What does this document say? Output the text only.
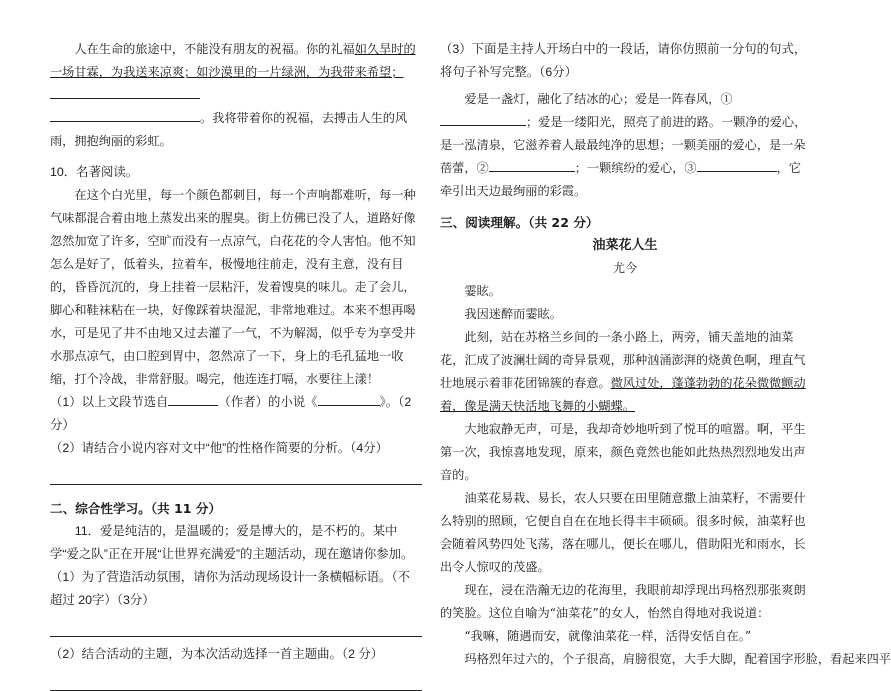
人在生命的旅途中，不能没有朋友的祝福。你的礼福如久旱时的一场甘霖，为我送来凉爽；如沙漠里的一片绿洲，为我带来希望；
。我将带着你的祝福，去搏击人生的风雨，拥抱绚丽的彩虹。

10．名著阅读。

在这个白光里，每一个颜色都刺目，每一个声响都难听，每一种气味都混合着由地上蒸发出来的腥臭。街上仿佛已没了人，道路好像忽然加宽了许多，空旷而没有一点凉气，白花花的令人害怕。他不知怎么是好了，低着头，拉着车，极慢地往前走，没有主意，没有目的，昏昏沉沉的，身上挂着一层粘汗，发着馊臭的味儿。走了会儿，脚心和鞋袜粘在一块，好像踩着块湿泥，非常地难过。本来不想再喝水，可是见了井不由地又过去灌了一气，不为解渴，似乎专为享受井水那点凉气，由口腔到胃中，忽然凉了一下，身上的毛孔猛地一收缩，打个冷战，非常舒服。喝完，他连连打嗝，水要往上漾！

（1）以上文段节选自	（作者）的小说《	》。（2分）

（2）请结合小说内容对文中“他”的性格作简要的分析。（4分）

二、综合性学习。（共 11 分）

11．爱是纯洁的，是温暖的；爱是博大的，是不朽的。某中学“爱之队”正在开展“让世界充满爱”的主题活动，现在邀请你参加。

（1）为了营造活动氛围，请你为活动现场设计一条横幅标语。（不超过 20字）（3分）

（2）结合活动的主题，为本次活动选择一首主题曲。（2 分）

（3）下面是主持人开场白中的一段话，请你仿照前一分句的句式，将句子补写完整。（6分）

爱是一盏灯，融化了结冰的心；爱是一阵春风，①；爱是一缕阳光，照亮了前进的路。一颗净的爱心，是一泓清泉，它滋养着人最最纯净的思想；一颗美丽的爱心，是一朵蓓蕾，②	；一颗缤纷的爱心，③	，它牵引出天边最绚丽的彩霞。

三、阅读理解。（共 22 分）

油菜花人生

尤今

霎眩。

我因迷醉而霎眩。

此刻，站在苏格兰乡间的一条小路上，两旁，铺天盖地的油菜花，汇成了波澜壮阔的奇异景观，那种汹涌澎湃的烧黄色啊，理直气壮地展示着菲花团锦簇的春意。微风过处，蓬蓬勃勃的花朵微微颤动着，像是满天快活地飞舞的小蝴蝶。

大地寂静无声，可是，我却奇妙地听到了悦耳的喧嚣。啊，平生第一次，我惊喜地发现，原来，颜色竟然也能如此热热烈烈地发出声音的。

油菜花易栽、易长，农人只要在田里随意撒上油菜籽，不需要什么特别的照顾，它便自自在在地长得丰丰硕硕。很多时候，油菜籽也会随着风势四处飞荡，落在哪儿，便长在哪儿，借助阳光和雨水，长出令人惊叹的茂盛。

现在，浸在浩瀚无边的花海里，我眼前却浮现出玛格烈那张爽朗的笑脸。这位自喻为“油菜花”的女人，怡然自得地对我说道：

“我嘛，随遇而安，就像油菜花一样，活得安恬自在。”

玛格烈年过六的，个子很高，肩膀很宽，大手大脚，配着国字形脸，看起来四平
